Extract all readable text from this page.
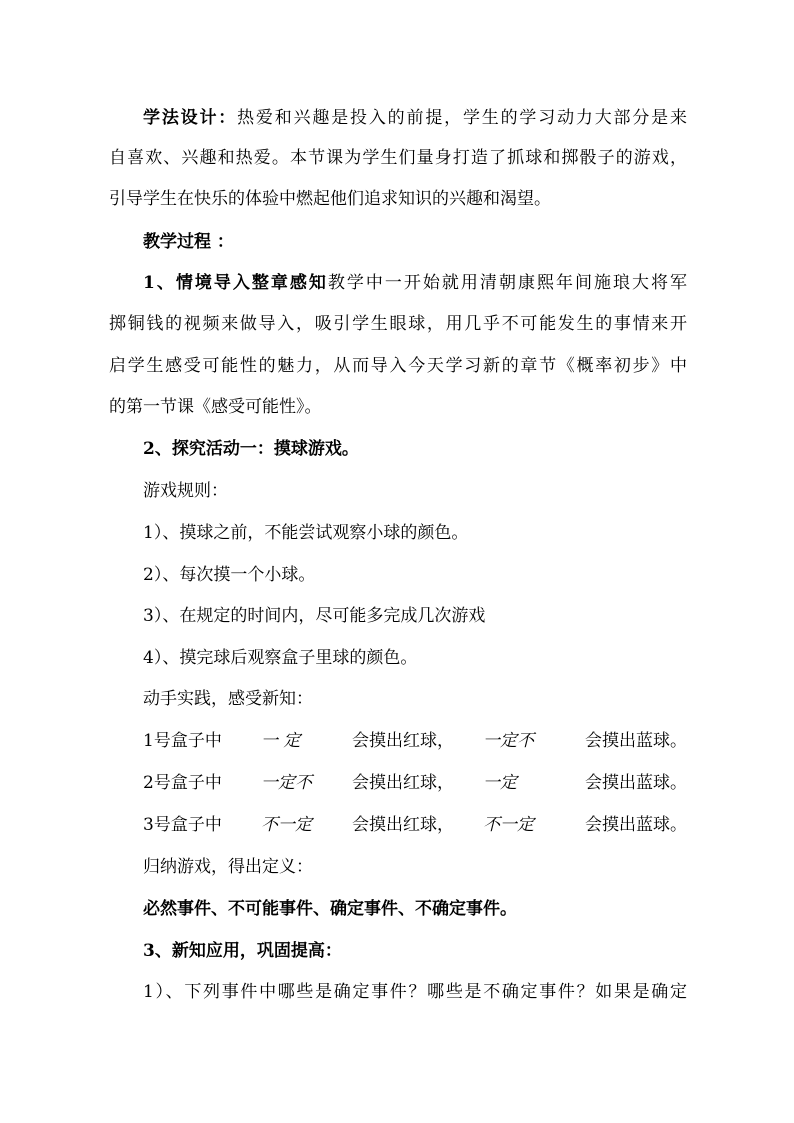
学法设计：热爱和兴趣是投入的前提，学生的学习动力大部分是来
自喜欢、兴趣和热爱。本节课为学生们量身打造了抓球和掷骰子的游戏，
引导学生在快乐的体验中燃起他们追求知识的兴趣和渴望。
教学过程 ：
1、情境导入整章感知教学中一开始就用清朝康熙年间施琅大将军
掷铜钱的视频来做导入，吸引学生眼球，用几乎不可能发生的事情来开
启学生感受可能性的魅力，从而导入今天学习新的章节《概率初步》中
的第一节课《感受可能性》。
2、探究活动一：摸球游戏。
游戏规则：
1）、摸球之前，不能尝试观察小球的颜色。
2）、每次摸一个小球。
3）、在规定的时间内，尽可能多完成几次游戏
4）、摸完球后观察盒子里球的颜色。
动手实践，感受新知：
1号盒子中 一 定	会摸出红球， 一定不	会摸出蓝球。
2号盒子中 一定不 会摸出红球， 一定	会摸出蓝球。
3号盒子中 不一定 会摸出红球， 不一定	会摸出蓝球。
归纳游戏，得出定义：
必然事件、不可能事件、确定事件、不确定事件。
3、新知应用，巩固提高：
1）、下列事件中哪些是确定事件？哪些是不确定事件？如果是确定
